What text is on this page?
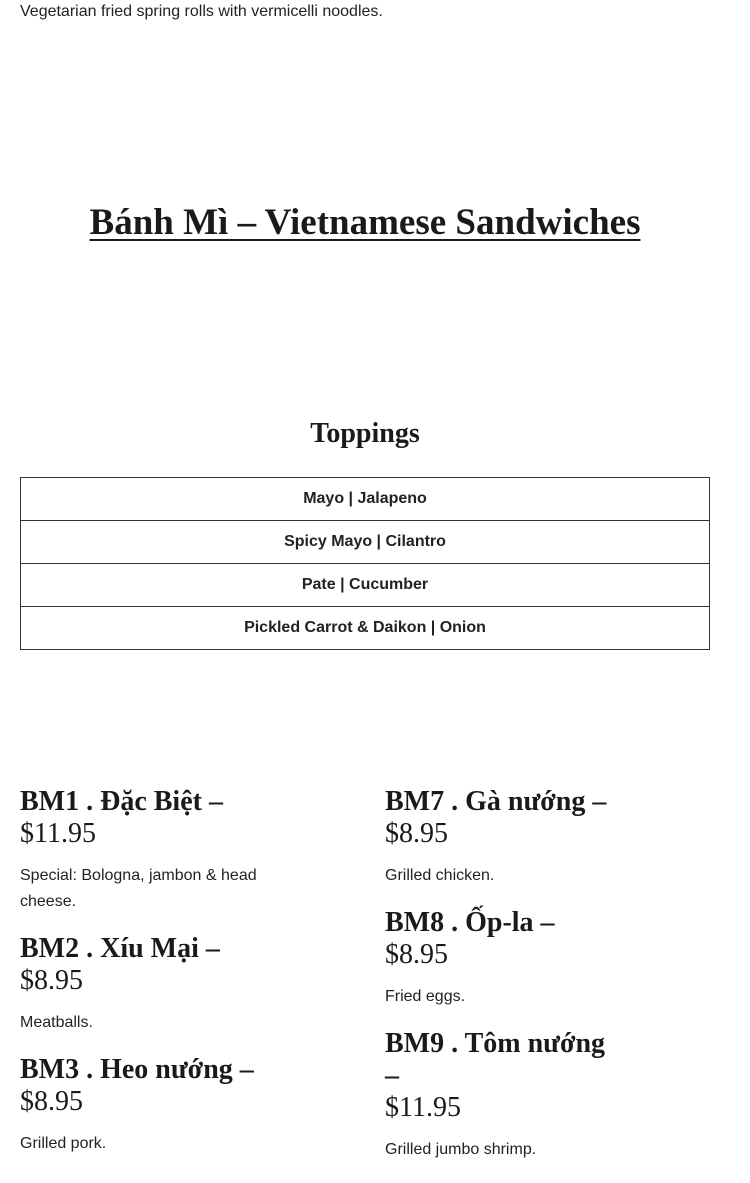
Vegetarian fried spring rolls with vermicelli noodles.
Bánh Mì – Vietnamese Sandwiches
Toppings
Mayo | Jalapeno
Spicy Mayo | Cilantro
Pate | Cucumber
Pickled Carrot & Daikon | Onion

BM1 . Đặc Biệt –
$11.95

Special: Bologna, jambon & head cheese.

BM2 . Xíu Mại –
$8.95

Meatballs.

BM3 . Heo nướng –
$8.95

Grilled pork.

BM7 . Gà nướng –
$8.95

Grilled chicken.

BM8 . Ốp-la –
$8.95

Fried eggs.

BM9 . Tôm nướng –
$11.95

Grilled jumbo shrimp.
